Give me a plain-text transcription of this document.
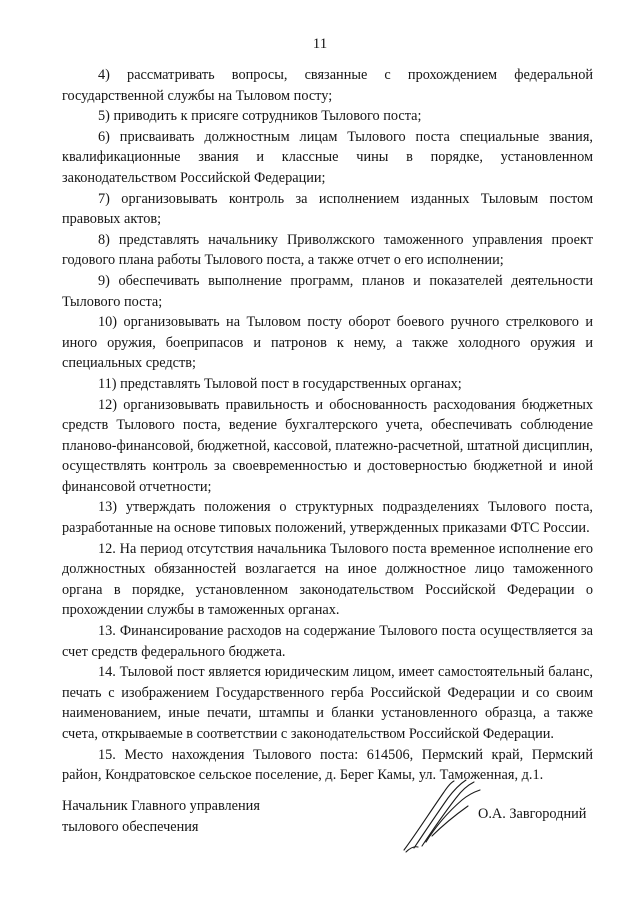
11

4) рассматривать вопросы, связанные с прохождением федеральной государственной службы на Тыловом посту;

5) приводить к присяге сотрудников Тылового поста;

6) присваивать должностным лицам Тылового поста специальные звания, квалификационные звания и классные чины в порядке, установленном законодательством Российской Федерации;

7) организовывать контроль за исполнением изданных Тыловым постом правовых актов;

8) представлять начальнику Приволжского таможенного управления проект годового плана работы Тылового поста, а также отчет о его исполнении;

9) обеспечивать выполнение программ, планов и показателей деятельности Тылового поста;

10) организовывать на Тыловом посту оборот боевого ручного стрелкового и иного оружия, боеприпасов и патронов к нему, а также холодного оружия и специальных средств;

11) представлять Тыловой пост в государственных органах;

12) организовывать правильность и обоснованность расходования бюджетных средств Тылового поста, ведение бухгалтерского учета, обеспечивать соблюдение планово-финансовой, бюджетной, кассовой, платежно-расчетной, штатной дисциплин, осуществлять контроль за своевременностью и достоверностью бюджетной и иной финансовой отчетности;

13) утверждать положения о структурных подразделениях Тылового поста, разработанные на основе типовых положений, утвержденных приказами ФТС России.

12. На период отсутствия начальника Тылового поста временное исполнение его должностных обязанностей возлагается на иное должностное лицо таможенного органа в порядке, установленном законодательством Российской Федерации о прохождении службы в таможенных органах.

13. Финансирование расходов на содержание Тылового поста осуществляется за счет средств федерального бюджета.

14. Тыловой пост является юридическим лицом, имеет самостоятельный баланс, печать с изображением Государственного герба Российской Федерации и со своим наименованием, иные печати, штампы и бланки установленного образца, а также счета, открываемые в соответствии с законодательством Российской Федерации.

15. Место нахождения Тылового поста: 614506, Пермский край, Пермский район, Кондратовское сельское поселение, д. Берег Камы, ул. Таможенная, д.1.

Начальник Главного управления
тылового обеспечения
О.А. Завгородний
